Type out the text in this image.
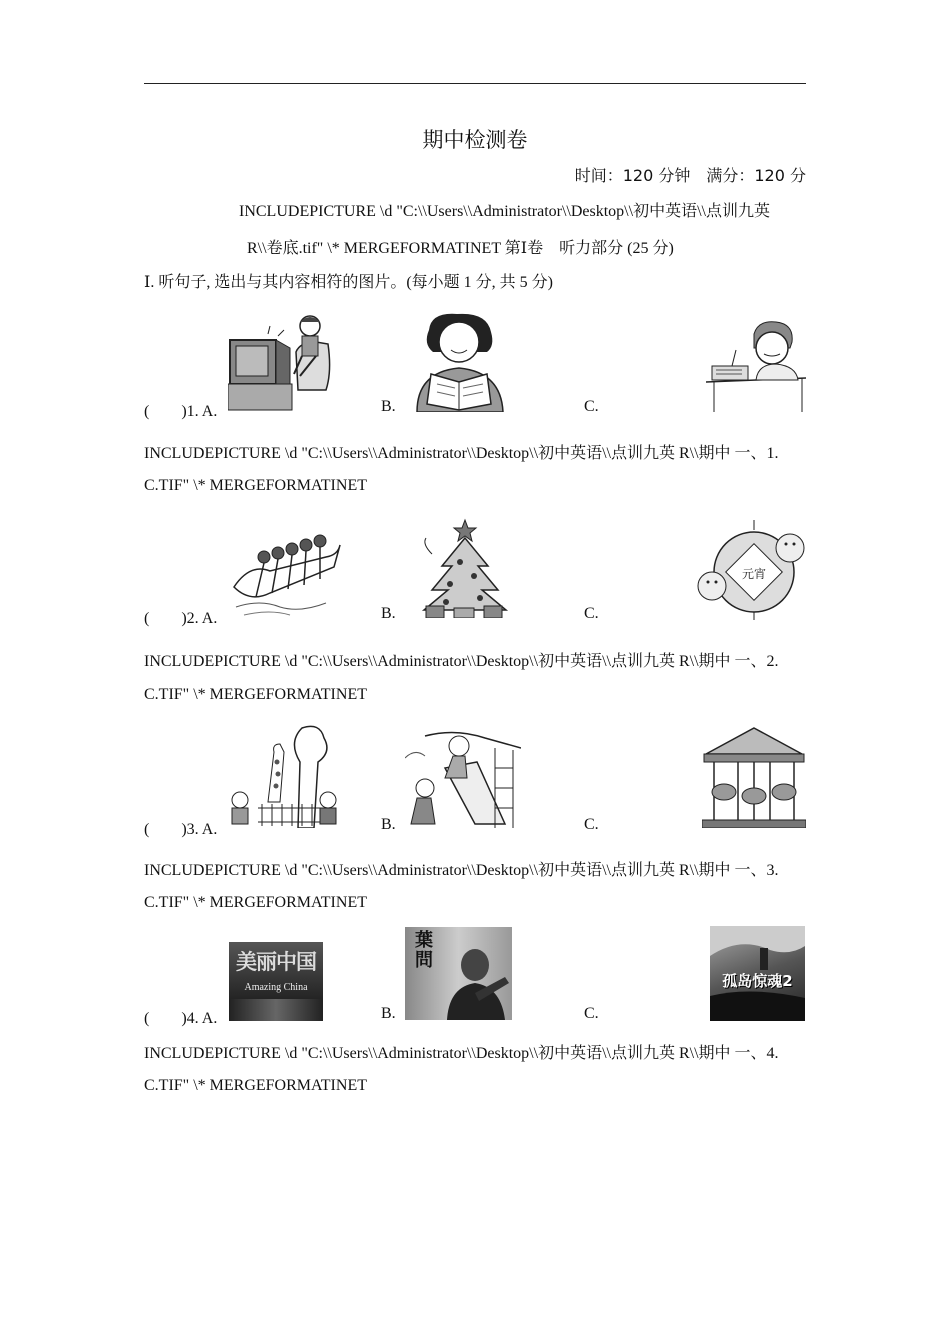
期中检测卷
时间：120 分钟　满分：120 分
INCLUDEPICTURE \d "C:\\Users\\Administrator\\Desktop\\初中英语\\点训九英
R\\卷底.tif" \* MERGEFORMATINET 第Ⅰ卷　听力部分 (25 分)
Ⅰ. 听句子, 选出与其内容相符的图片。(每小题 1 分, 共 5 分)
(　　)1. A.	B.	C.
INCLUDEPICTURE \d "C:\\Users\\Administrator\\Desktop\\初中英语\\点训九英 R\\期中 一、1.
C.TIF" \* MERGEFORMATINET
元宵
(　　)2. A.	B.	C.
INCLUDEPICTURE \d "C:\\Users\\Administrator\\Desktop\\初中英语\\点训九英 R\\期中 一、2.
C.TIF" \* MERGEFORMATINET
(　　)3. A.	B.	C.
INCLUDEPICTURE \d "C:\\Users\\Administrator\\Desktop\\初中英语\\点训九英 R\\期中 一、3.
C.TIF" \* MERGEFORMATINET
美丽中国
Amazing China
葉問
孤岛惊魂2
(　　)4. A.	B.	C.
INCLUDEPICTURE \d "C:\\Users\\Administrator\\Desktop\\初中英语\\点训九英 R\\期中 一、4.
C.TIF" \* MERGEFORMATINET
